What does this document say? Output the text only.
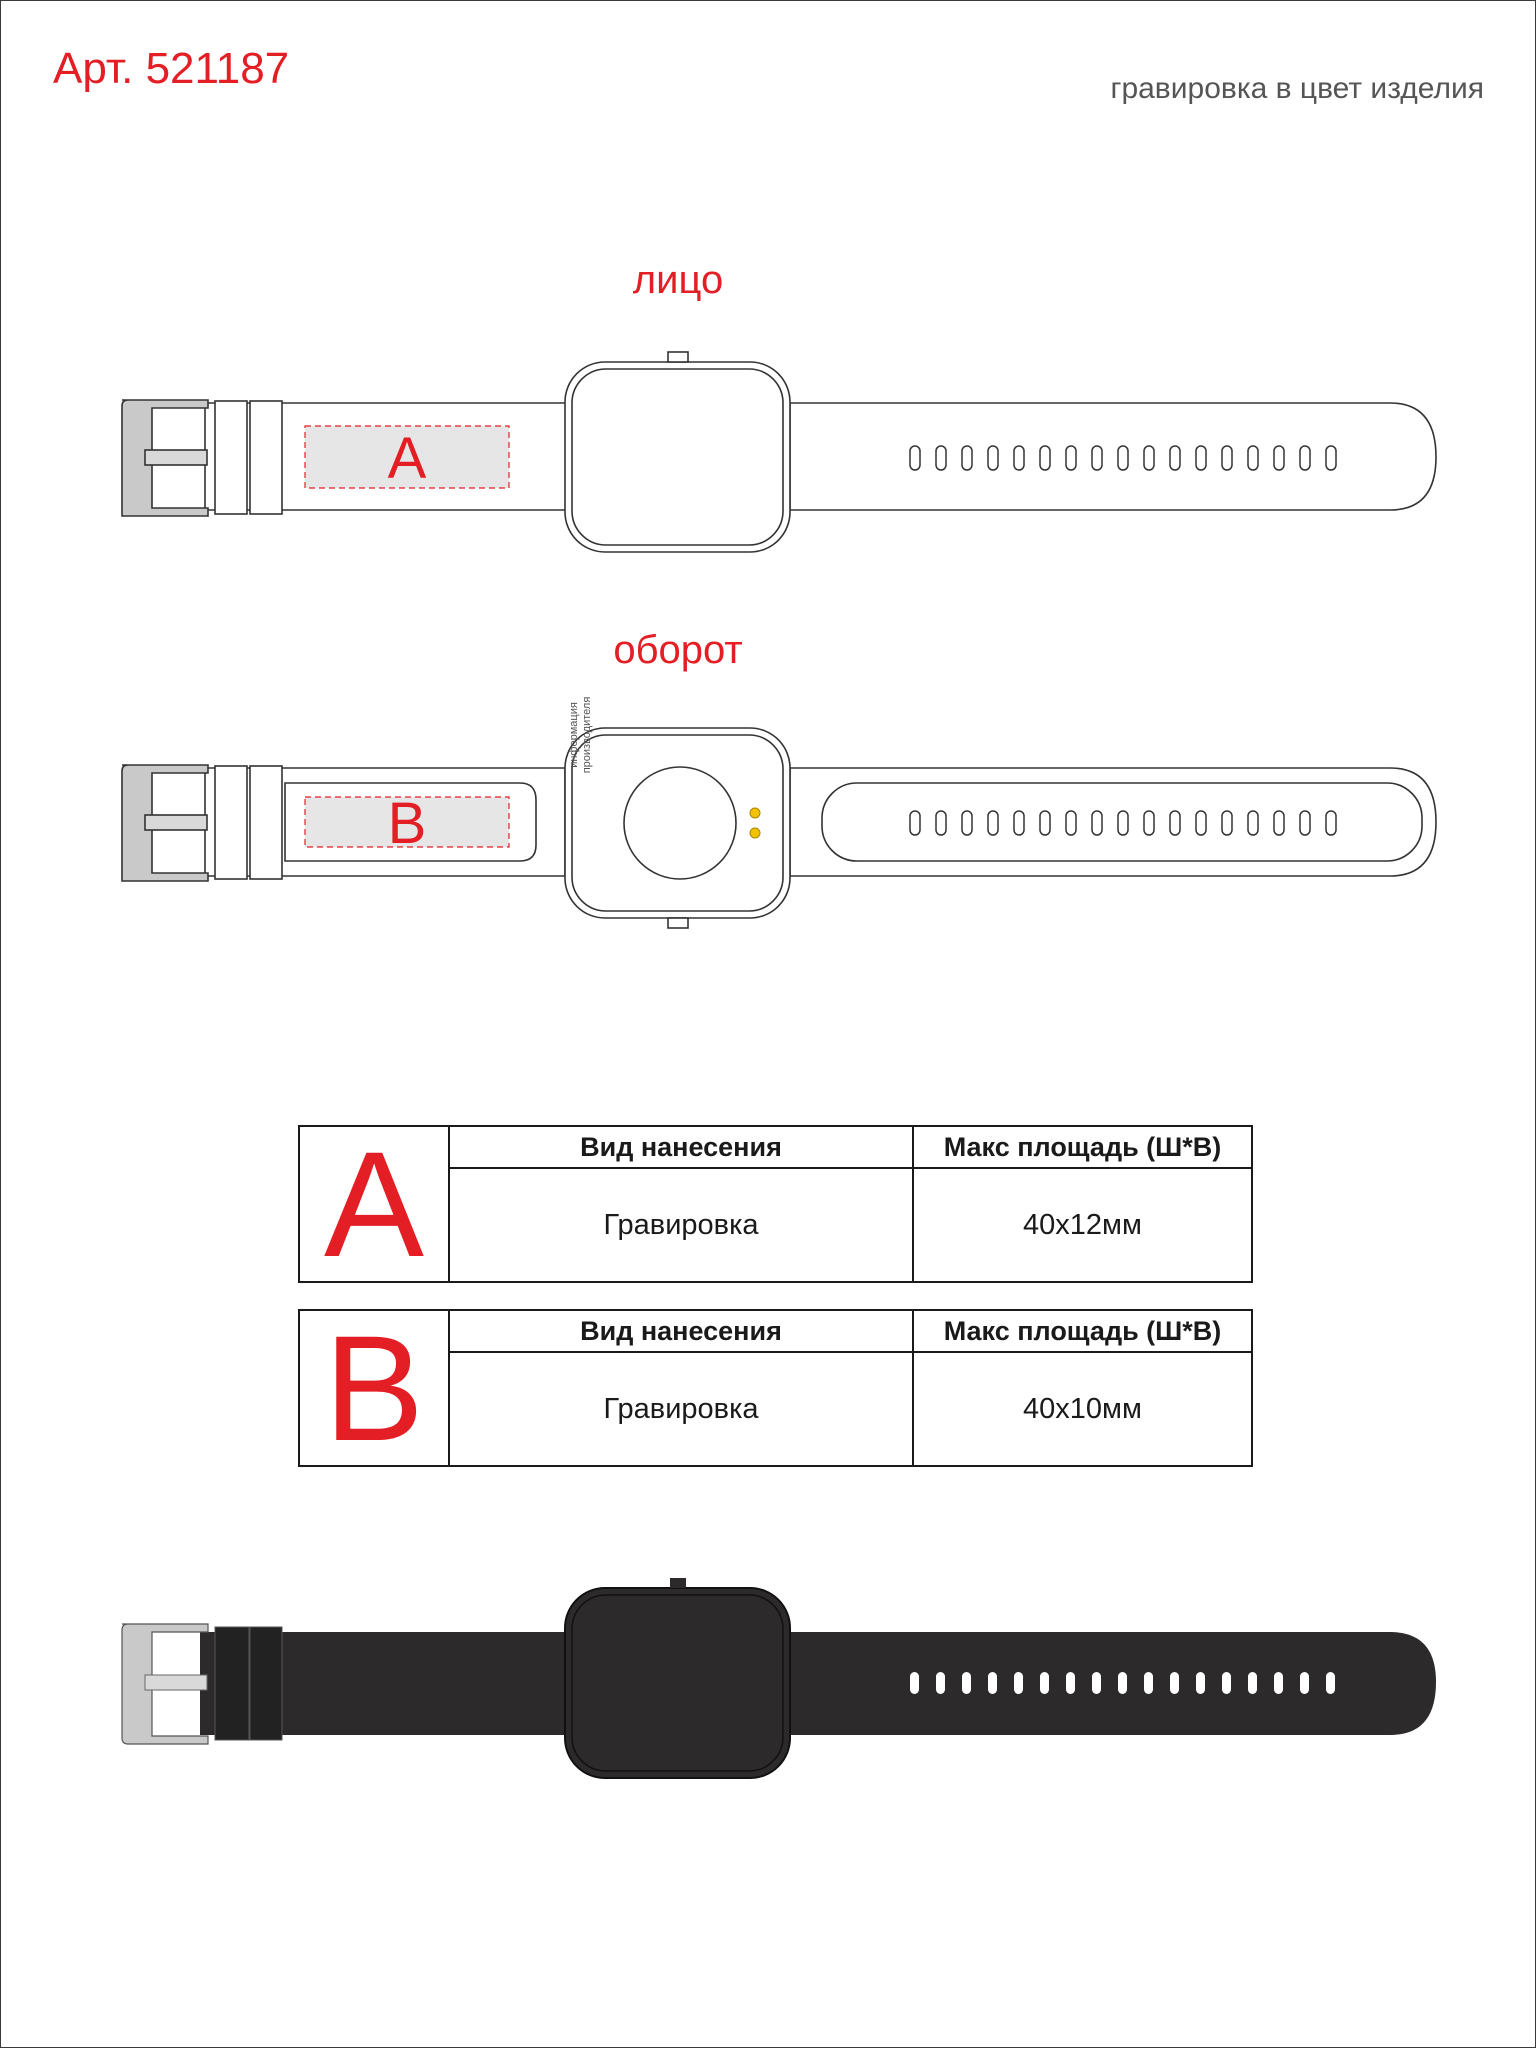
Арт. 521187	гравировка в цвет изделия
лицо
оборот
A
B
информация производителя
A	Вид нанесения	Макс площадь (Ш*В)
	Гравировка	40x12мм
B	Вид нанесения	Макс площадь (Ш*В)
	Гравировка	40x10мм
